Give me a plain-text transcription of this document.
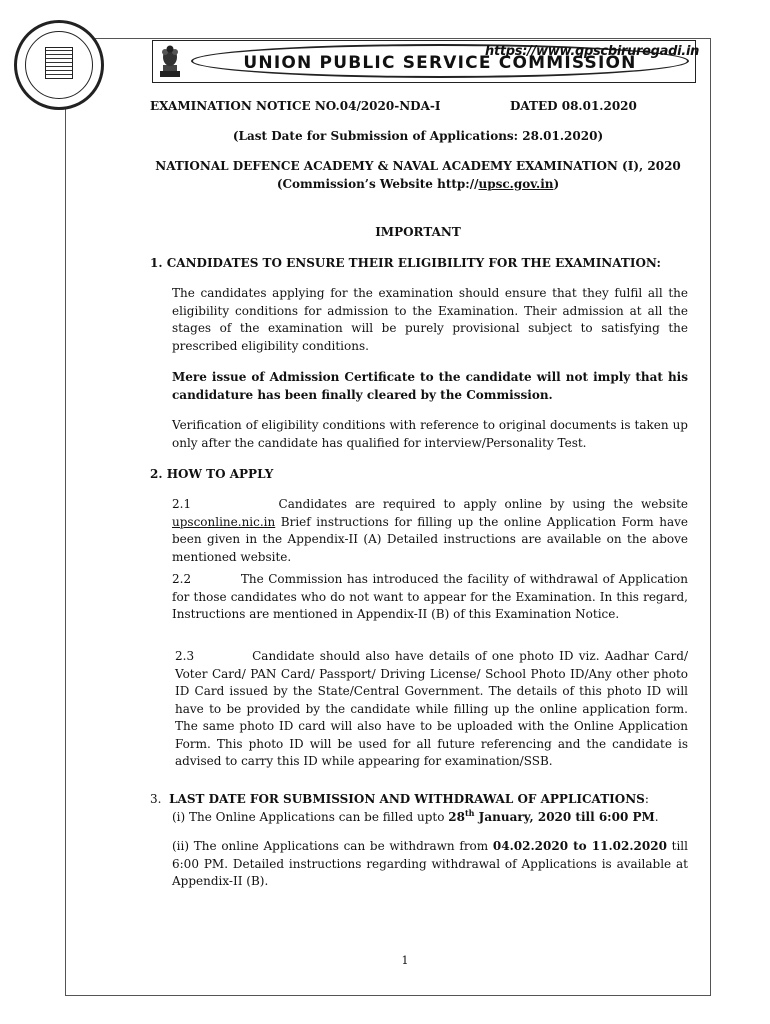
UNION PUBLIC SERVICE COMMISSION
https://www.gpscbiruregadi.in
EXAMINATION NOTICE NO.04/2020-NDA-I	DATED 08.01.2020
(Last Date for Submission of Applications: 28.01.2020)
NATIONAL DEFENCE ACADEMY & NAVAL ACADEMY EXAMINATION (I), 2020
(Commission’s Website http://upsc.gov.in)
IMPORTANT
1. CANDIDATES TO ENSURE THEIR ELIGIBILITY FOR THE EXAMINATION:
The candidates applying for the examination should ensure that they fulfil all the eligibility conditions for admission to the Examination. Their admission at all the stages of the examination will be purely provisional subject to satisfying the prescribed eligibility conditions.
Mere issue of Admission Certificate to the candidate will not imply that his candidature has been finally cleared by the Commission.
Verification of eligibility conditions with reference to original documents is taken up only after the candidate has qualified for interview/Personality Test.
2. HOW TO APPLY
2.1	Candidates are required to apply online by using the website upsconline.nic.in Brief instructions for filling up the online Application Form have been given in the Appendix-II (A) Detailed instructions are available on the above mentioned website.
2.2	The Commission has introduced the facility of withdrawal of Application for those candidates who do not want to appear for the Examination. In this regard, Instructions are mentioned in Appendix-II (B) of this Examination Notice.
2.3	Candidate should also have details of one photo ID viz. Aadhar Card/ Voter Card/ PAN Card/ Passport/ Driving License/ School Photo ID/Any other photo ID Card issued by the State/Central Government. The details of this photo ID will have to be provided by the candidate while filling up the online application form. The same photo ID card will also have to be uploaded with the Online Application Form. This photo ID will be used for all future referencing and the candidate is advised to carry this ID while appearing for examination/SSB.
3. LAST DATE FOR SUBMISSION AND WITHDRAWAL OF APPLICATIONS:
(i) The Online Applications can be filled upto 28th January, 2020 till 6:00 PM.
(ii) The online Applications can be withdrawn from 04.02.2020 to 11.02.2020 till 6:00 PM. Detailed instructions regarding withdrawal of Applications is available at Appendix-II (B).
1
